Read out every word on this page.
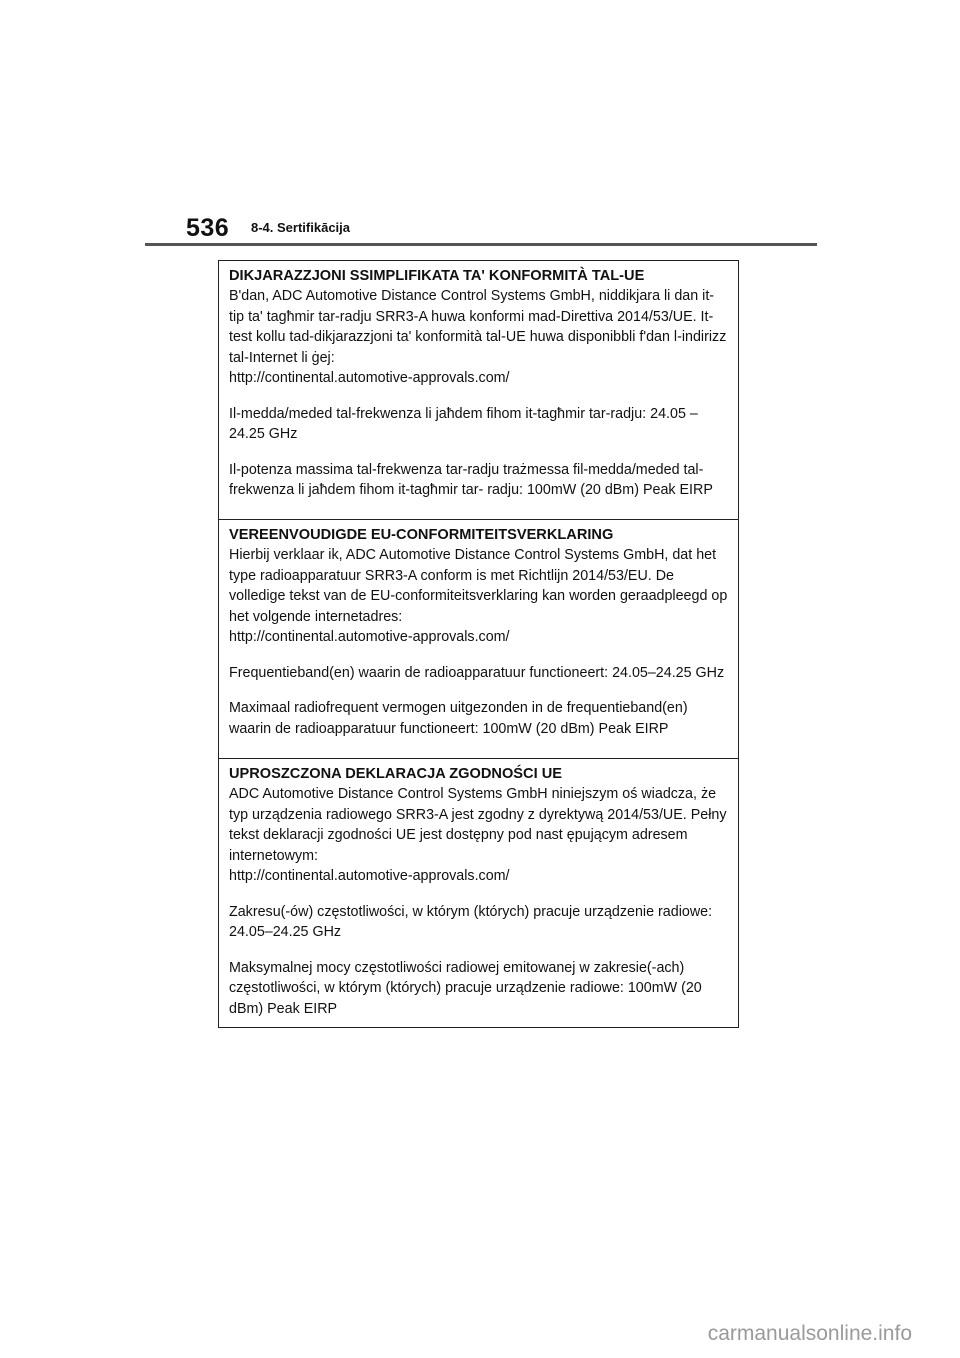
536 8-4. Sertifikācija

DIKJARAZZJONI SSIMPLIFIKATA TA' KONFORMITÀ TAL-UE

B'dan, ADC Automotive Distance Control Systems GmbH, niddikjara li dan it-tip ta' tagħmir tar-radju SRR3-A huwa konformi mad-Direttiva 2014/53/UE. It-test kollu tad-dikjarazzjoni ta' konformità tal-UE huwa disponibbli f'dan l-indirizz tal-Internet li ġej:

http://continental.automotive-approvals.com/

Il-medda/meded tal-frekwenza li jaħdem fihom it-tagħmir tar-radju: 24.05 –24.25 GHz

Il-potenza massima tal-frekwenza tar-radju trażmessa fil-medda/meded tal-frekwenza li jaħdem fihom it-tagħmir tar- radju: 100mW (20 dBm) Peak EIRP

VEREENVOUDIGDE EU-CONFORMITEITSVERKLARING

Hierbij verklaar ik, ADC Automotive Distance Control Systems GmbH, dat het type radioapparatuur SRR3-A conform is met Richtlijn 2014/53/EU. De volledige tekst van de EU-conformiteitsverklaring kan worden geraadpleegd op het volgende internetadres:

http://continental.automotive-approvals.com/

Frequentieband(en) waarin de radioapparatuur functioneert: 24.05–24.25 GHz

Maximaal radiofrequent vermogen uitgezonden in de frequentieband(en) waarin de radioapparatuur functioneert: 100mW (20 dBm) Peak EIRP

UPROSZCZONA DEKLARACJA ZGODNOŚCI UE

ADC Automotive Distance Control Systems GmbH niniejszym oś wiadcza, że typ urządzenia radiowego SRR3-A jest zgodny z dyrektywą 2014/53/UE. Pełny tekst deklaracji zgodności UE jest dostępny pod nast ępującym adresem internetowym:

http://continental.automotive-approvals.com/

Zakresu(-ów) częstotliwości, w którym (których) pracuje urządzenie radiowe: 24.05–24.25 GHz

Maksymalnej mocy częstotliwości radiowej emitowanej w zakresie(-ach) częstotliwości, w którym (których) pracuje urządzenie radiowe: 100mW (20 dBm) Peak EIRP

carmanualsonline.info
